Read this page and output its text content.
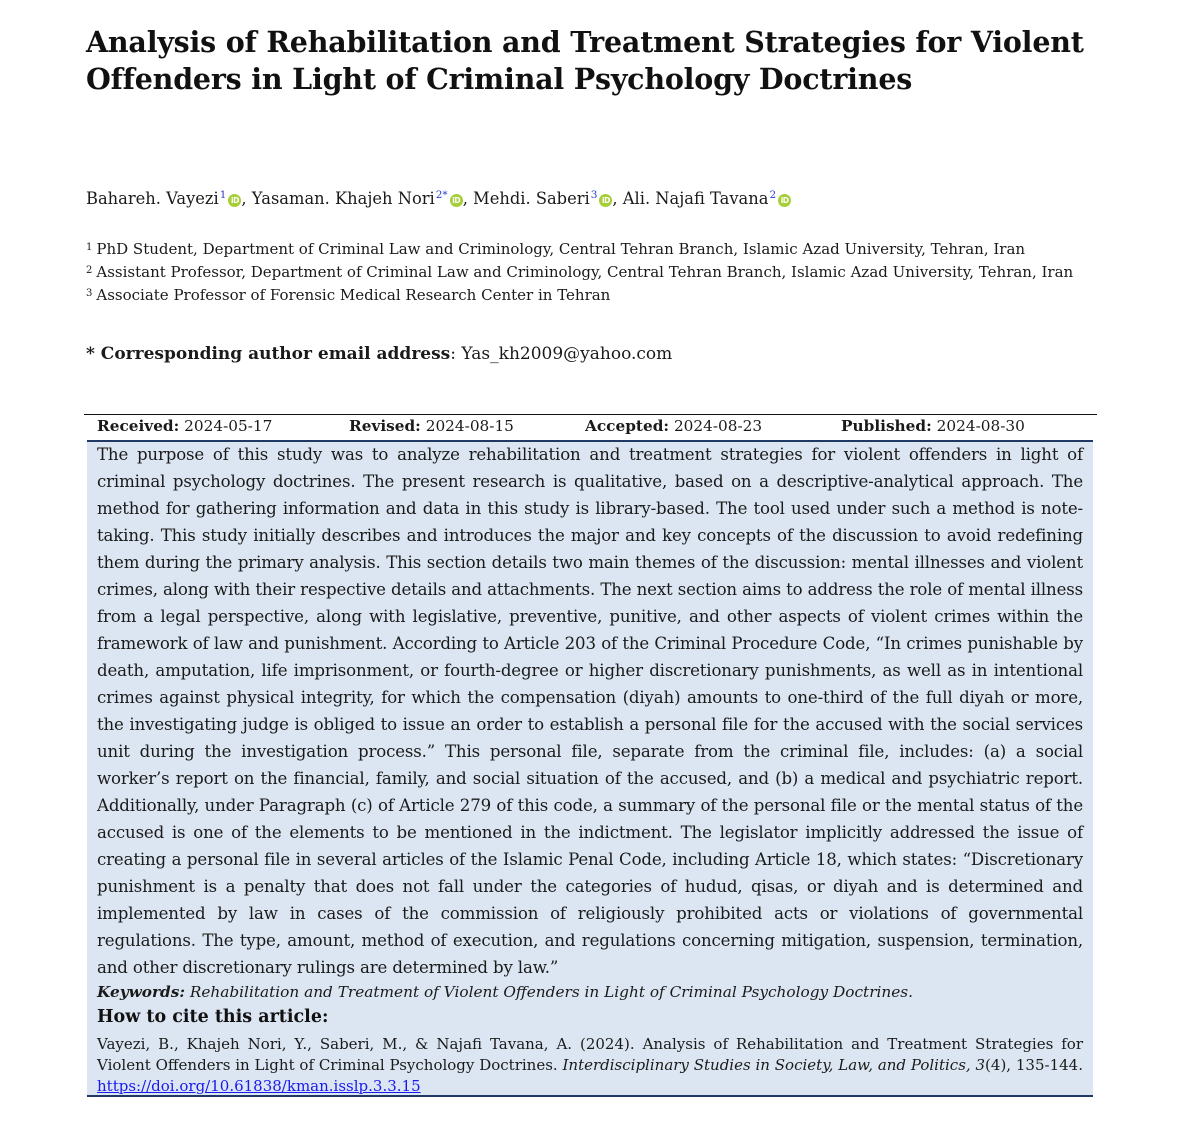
Analysis of Rehabilitation and Treatment Strategies for Violent
Offenders in Light of Criminal Psychology Doctrines
Bahareh. Vayezi$^1$ iD , Yasaman. Khajeh Nori$^{2*}$ iD , Mehdi. Saberi$^3$ iD , Ali. Najafi Tavana$^2$ iD
$^1$ PhD Student, Department of Criminal Law and Criminology, Central Tehran Branch, Islamic Azad University, Tehran, Iran
$^2$ Assistant Professor, Department of Criminal Law and Criminology, Central Tehran Branch, Islamic Azad University, Tehran, Iran
$^3$ Associate Professor of Forensic Medical Research Center in Tehran
* Corresponding author email address: Yas_kh2009@yahoo.com
Received: 2024-05-17	Revised: 2024-08-15	Accepted: 2024-08-23	Published: 2024-08-30

The purpose of this study was to analyze rehabilitation and treatment strategies for violent offenders in light of criminal psychology doctrines. The present research is qualitative, based on a descriptive-analytical approach. The method for gathering information and data in this study is library-based. The tool used under such a method is note-taking. This study initially describes and introduces the major and key concepts of the discussion to avoid redefining them during the primary analysis. This section details two main themes of the discussion: mental illnesses and violent crimes, along with their respective details and attachments. The next section aims to address the role of mental illness from a legal perspective, along with legislative, preventive, punitive, and other aspects of violent crimes within the framework of law and punishment. According to Article 203 of the Criminal Procedure Code, “In crimes punishable by death, amputation, life imprisonment, or fourth-degree or higher discretionary punishments, as well as in intentional crimes against physical integrity, for which the compensation (diyah) amounts to one-third of the full diyah or more, the investigating judge is obliged to issue an order to establish a personal file for the accused with the social services unit during the investigation process.” This personal file, separate from the criminal file, includes: (a) a social worker’s report on the financial, family, and social situation of the accused, and (b) a medical and psychiatric report. Additionally, under Paragraph (c) of Article 279 of this code, a summary of the personal file or the mental status of the accused is one of the elements to be mentioned in the indictment. The legislator implicitly addressed the issue of creating a personal file in several articles of the Islamic Penal Code, including Article 18, which states: “Discretionary punishment is a penalty that does not fall under the categories of hudud, qisas, or diyah and is determined and implemented by law in cases of the commission of religiously prohibited acts or violations of governmental regulations. The type, amount, method of execution, and regulations concerning mitigation, suspension, termination, and other discretionary rulings are determined by law.”

Keywords: Rehabilitation and Treatment of Violent Offenders in Light of Criminal Psychology Doctrines.
How to cite this article:

Vayezi, B., Khajeh Nori, Y., Saberi, M., & Najafi Tavana, A. (2024). Analysis of Rehabilitation and Treatment Strategies for Violent Offenders in Light of Criminal Psychology Doctrines. Interdisciplinary Studies in Society, Law, and Politics, 3(4), 135-144. https://doi.org/10.61838/kman.isslp.3.3.15
